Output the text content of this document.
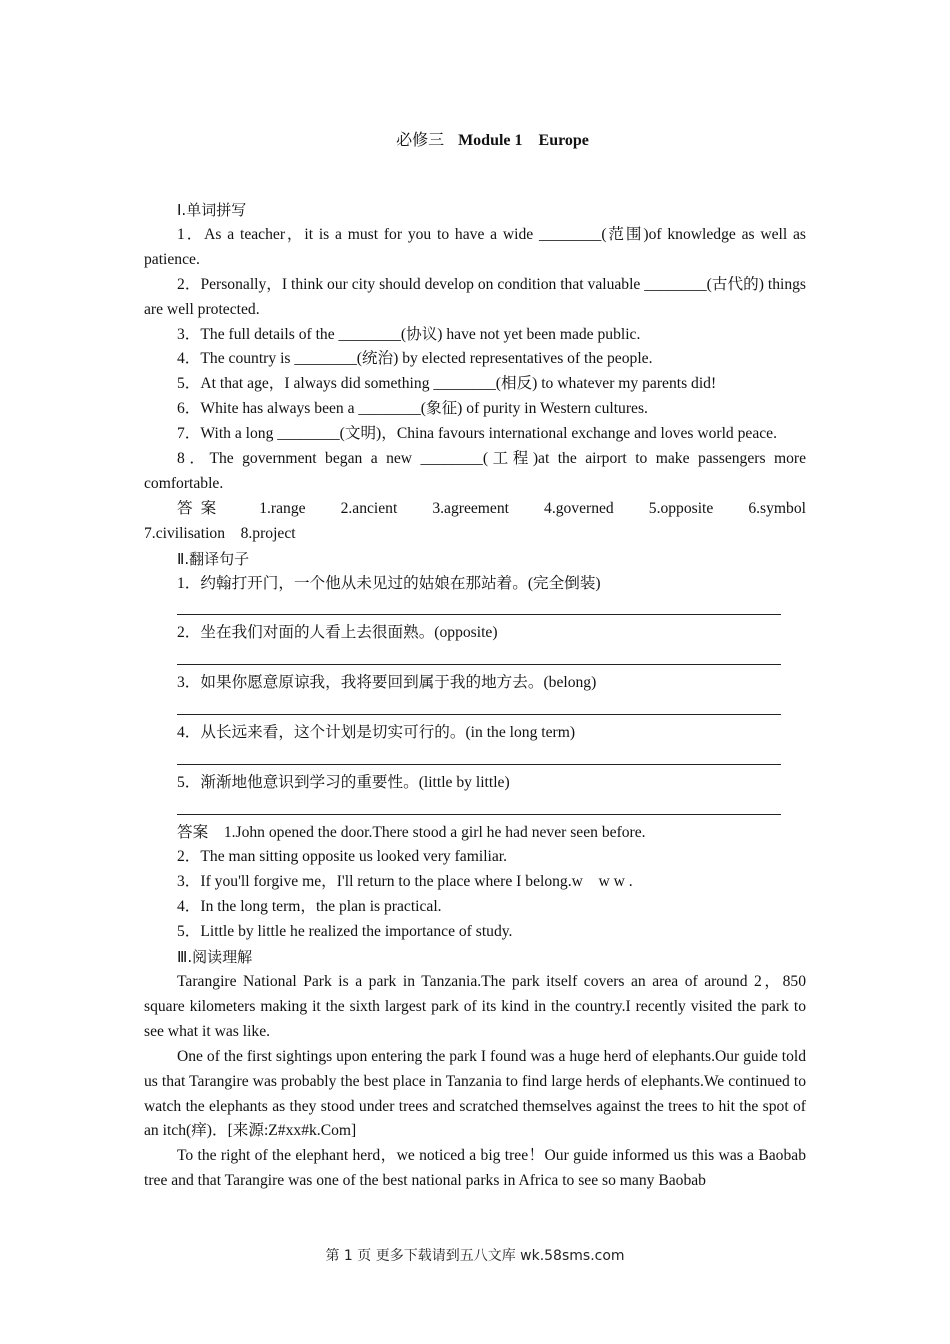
必修三 Module 1　Europe

Ⅰ.单词拼写

1．As a teacher，it is a must for you to have a wide ________(范围)of knowledge as well as patience.

2．Personally，I think our city should develop on condition that valuable ________(古代的) things are well protected.

3．The full details of the ________(协议) have not yet been made public.

4．The country is ________(统治) by elected representatives of the people.

5．At that age，I always did something ________(相反) to whatever my parents did!

6．White has always been a ________(象征) of purity in Western cultures.

7．With a long ________(文明)，China favours international exchange and loves world peace.

8．The government began a new ________(工程)at the airport to make passengers more comfortable.

答案 1.range 2.ancient 3.agreement 4.governed 5.opposite 6.symbol

7.civilisation　8.project

Ⅱ.翻译句子

1．约翰打开门，一个他从未见过的姑娘在那站着。(完全倒装)

2．坐在我们对面的人看上去很面熟。(opposite)

3．如果你愿意原谅我，我将要回到属于我的地方去。(belong)

4．从长远来看，这个计划是切实可行的。(in the long term)

5．渐渐地他意识到学习的重要性。(little by little)

答案　 1.John opened the door.There stood a girl he had never seen before.

2．The man sitting opposite us looked very familiar.

3．If you'll forgive me，I'll return to the place where I belong.w　w w .

4．In the long term，the plan is practical.

5．Little by little he realized the importance of study.

Ⅲ.阅读理解

Tarangire National Park is a park in Tanzania.The park itself covers an area of around 2，850 square kilometers making it the sixth largest park of its kind in the country.I recently visited the park to see what it was like.

One of the first sightings upon entering the park I found was a huge herd of elephants.Our guide told us that Tarangire was probably the best place in Tanzania to find large herds of elephants.We continued to watch the elephants as they stood under trees and scratched themselves against the trees to hit the spot of an itch(痒)．[来源:Z#xx#k.Com]

To the right of the elephant herd，we noticed a big tree！Our guide informed us this was a Baobab tree and that Tarangire was one of the best national parks in Africa to see so many Baobab

第 1 页 更多下载请到五八文库 wk.58sms.com
